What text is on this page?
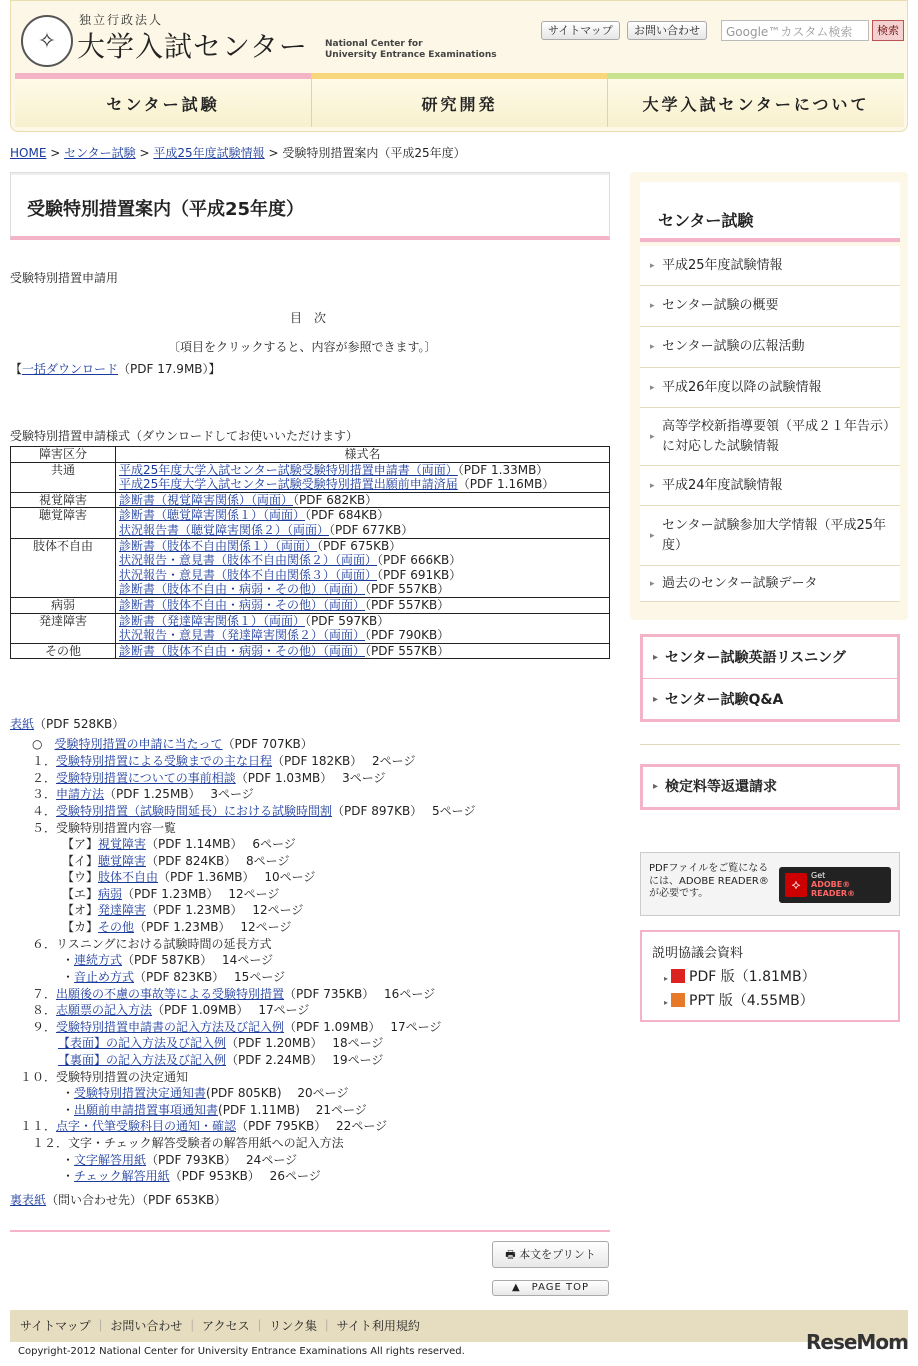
✧
独立行政法人
大学入試センター National Center for
University Entrance Examinations
サイトマップ	お問い合わせ	Google™カスタム検索	検索
センター試験	研究開発	大学入試センターについて
HOME > センター試験 > 平成25年度試験情報 > 受験特別措置案内（平成25年度）
受験特別措置案内（平成25年度）
受験特別措置申請用
目　次
〔項目をクリックすると、内容が参照できます。〕
【一括ダウンロード（PDF 17.9MB）】
受験特別措置申請様式（ダウンロードしてお使いいただけます）
障害区分	様式名
共通	平成25年度大学入試センター試験受験特別措置申請書（両面）（PDF 1.33MB）
平成25年度大学入試センター試験受験特別措置出願前申請済届（PDF 1.16MB）

視覚障害	診断書（視覚障害関係）（両面）（PDF 682KB）

聴覚障害	診断書（聴覚障害関係１）（両面）（PDF 684KB）
状況報告書（聴覚障害関係２）（両面）（PDF 677KB）

肢体不自由	診断書（肢体不自由関係１）（両面）（PDF 675KB）
状況報告・意見書（肢体不自由関係２）（両面）（PDF 666KB）
状況報告・意見書（肢体不自由関係３）（両面）（PDF 691KB）
診断書（肢体不自由・病弱・その他）（両面）（PDF 557KB）

病弱	診断書（肢体不自由・病弱・その他）（両面）（PDF 557KB）

発達障害	診断書（発達障害関係１）（両面）（PDF 597KB）
状況報告・意見書（発達障害関係２）（両面）（PDF 790KB）

その他	診断書（肢体不自由・病弱・その他）（両面）（PDF 557KB）
表紙（PDF 528KB）
○　受験特別措置の申請に当たって（PDF 707KB）
１．受験特別措置による受験までの主な日程（PDF 182KB）　 2ページ
２．受験特別措置についての事前相談（PDF 1.03MB）　 3ページ
３．申請方法（PDF 1.25MB）　 3ページ
４．受験特別措置（試験時間延長）における試験時間割（PDF 897KB）　 5ページ
５．受験特別措置内容一覧
【ア】視覚障害（PDF 1.14MB）　 6ページ
【イ】聴覚障害（PDF 824KB）　 8ページ
【ウ】肢体不自由（PDF 1.36MB）　 10ページ
【エ】病弱（PDF 1.23MB）　 12ページ
【オ】発達障害（PDF 1.23MB）　 12ページ
【カ】その他（PDF 1.23MB）　 12ページ
６．リスニングにおける試験時間の延長方式
・連続方式（PDF 587KB）　 14ページ
・音止め方式（PDF 823KB）　 15ページ
７．出願後の不慮の事故等による受験特別措置（PDF 735KB）　 16ページ
８．志願票の記入方法（PDF 1.09MB）　 17ページ
９．受験特別措置申請書の記入方法及び記入例（PDF 1.09MB）　 17ページ
【表面】の記入方法及び記入例（PDF 1.20MB）　 18ページ
【裏面】の記入方法及び記入例（PDF 2.24MB）　 19ページ
１０．受験特別措置の決定通知
・受験特別措置決定通知書(PDF 805KB)　 20ページ
・出願前申請措置事項通知書(PDF 1.11MB)　 21ページ
１１．点字・代筆受験科目の通知・確認（PDF 795KB）　 22ページ
１２．文字・チェック解答受験者の解答用紙への記入方法
・文字解答用紙（PDF 793KB）　 24ページ
・チェック解答用紙（PDF 953KB）　 26ページ
裏表紙（問い合わせ先）（PDF 653KB）
🖶 本文をプリント
▲　PAGE TOP
センター試験
▸ 平成25年度試験情報
▸ センター試験の概要
▸ センター試験の広報活動
▸ 平成26年度以降の試験情報
▸ 高等学校新指導要領（平成２１年告示）に対応した試験情報
▸ 平成24年度試験情報
▸ センター試験参加大学情報（平成25年度）
▸ 過去のセンター試験データ
▸ センター試験英語リスニング
▸ センター試験Q&A
▸ 検定料等返還請求
PDFファイルをご覧になるには、ADOBE READER®が必要です。
⟡
Get
ADOBE® READER®
説明協議会資料
▸  PDF 版（1.81MB）
▸  PPT 版（4.55MB）
サイトマップ ｜ お問い合わせ ｜ アクセス ｜ リンク集 ｜ サイト利用規約
Copyright-2012 National Center for University Entrance Examinations All rights reserved.	ReseMom
